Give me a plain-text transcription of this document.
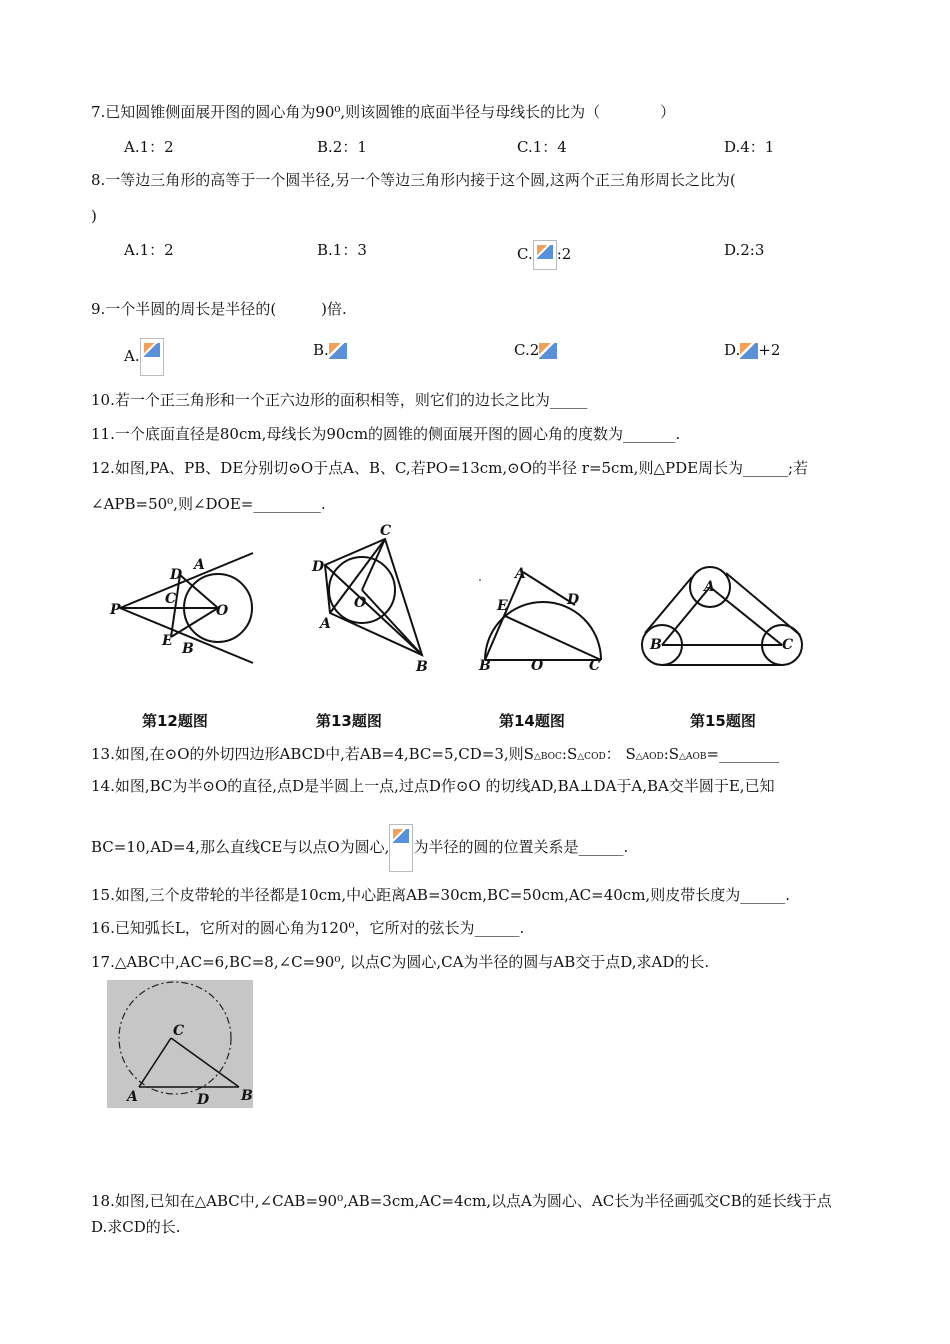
7.已知圆锥侧面展开图的圆心角为90⁰,则该圆锥的底面半径与母线长的比为（　　　　）
A.1：2	B.2：1	C.1：4	D.4：1
8.一等边三角形的高等于一个圆半径,另一个等边三角形内接于这个圆,这两个正三角形周长之比为(
)
A.1：2	B.1：3	C. :2	D.2:3
9.一个半圆的周长是半径的(　　　)倍.
A.	B.	C.2	D. +2
10.若一个正三角形和一个正六边形的面积相等，则它们的边长之比为_____
11.一个底面直径是80cm,母线长为90cm的圆锥的侧面展开图的圆心角的度数为_______.
12.如图,PA、PB、DE分别切⊙O于点A、B、C,若PO=13cm,⊙O的半径 r=5cm,则△PDE周长为______;若
∠APB=50⁰,则∠DOE=_________.
P
A
B
C
D
E
O
C
D
A
B
O
A
D
E
B	O	C
A
B	C
第12题图	第13题图	第14题图	第15题图
13.如图,在⊙O的外切四边形ABCD中,若AB=4,BC=5,CD=3,则S△BOC:S△COD： S△AOD:S△AOB=________
14.如图,BC为半⊙O的直径,点D是半圆上一点,过点D作⊙O 的切线AD,BA⊥DA于A,BA交半圆于E,已知
BC=10,AD=4,那么直线CE与以点O为圆心, 为半径的圆的位置关系是______.
15.如图,三个皮带轮的半径都是10cm,中心距离AB=30cm,BC=50cm,AC=40cm,则皮带长度为______.
16.已知弧长L，它所对的圆心角为120⁰，它所对的弦长为______.
17.△ABC中,AC=6,BC=8,∠C=90⁰, 以点C为圆心,CA为半径的圆与AB交于点D,求AD的长.
C
A	D B
18.如图,已知在△ABC中,∠CAB=90⁰,AB=3cm,AC=4cm,以点A为圆心、AC长为半径画弧交CB的延长线于点
D.求CD的长.
